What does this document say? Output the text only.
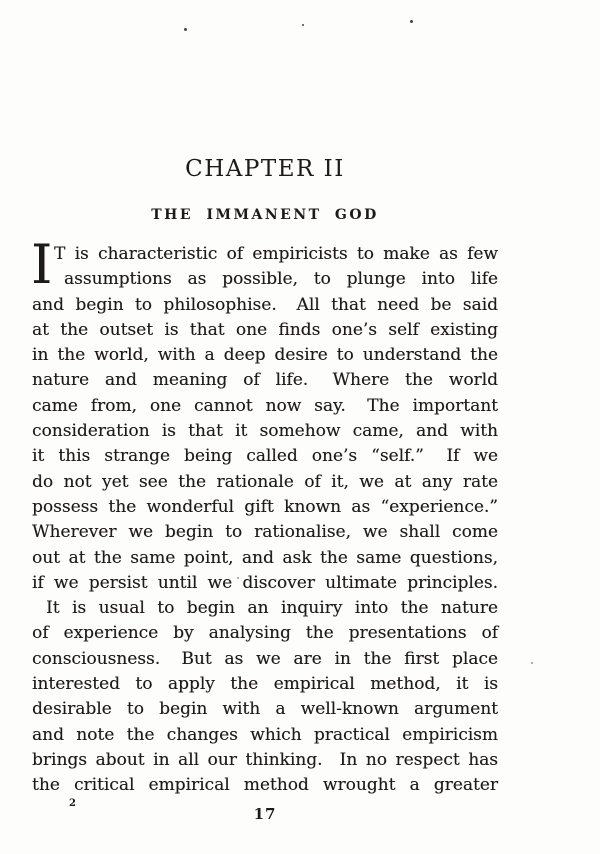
CHAPTER II
THE IMMANENT GOD
I T is characteristic of empiricists to make as few
assumptions as possible, to plunge into life
and begin to philosophise.  All that need be said
at the outset is that one finds one’s self existing
in the world, with a deep desire to understand the
nature and meaning of life.  Where the world
came from, one cannot now say.  The important
consideration is that it somehow came, and with
it this strange being called one’s “self.”  If we
do not yet see the rationale of it, we at any rate
possess the wonderful gift known as “experience.”
Wherever we begin to rationalise, we shall come
out at the same point, and ask the same questions,
if we persist until we discover ultimate principles.
It is usual to begin an inquiry into the nature
of experience by analysing the presentations of
consciousness.  But as we are in the first place
interested to apply the empirical method, it is
desirable to begin with a well-known argument
and note the changes which practical empiricism
brings about in all our thinking.  In no respect has
the critical empirical method wrought a greater
2
17
